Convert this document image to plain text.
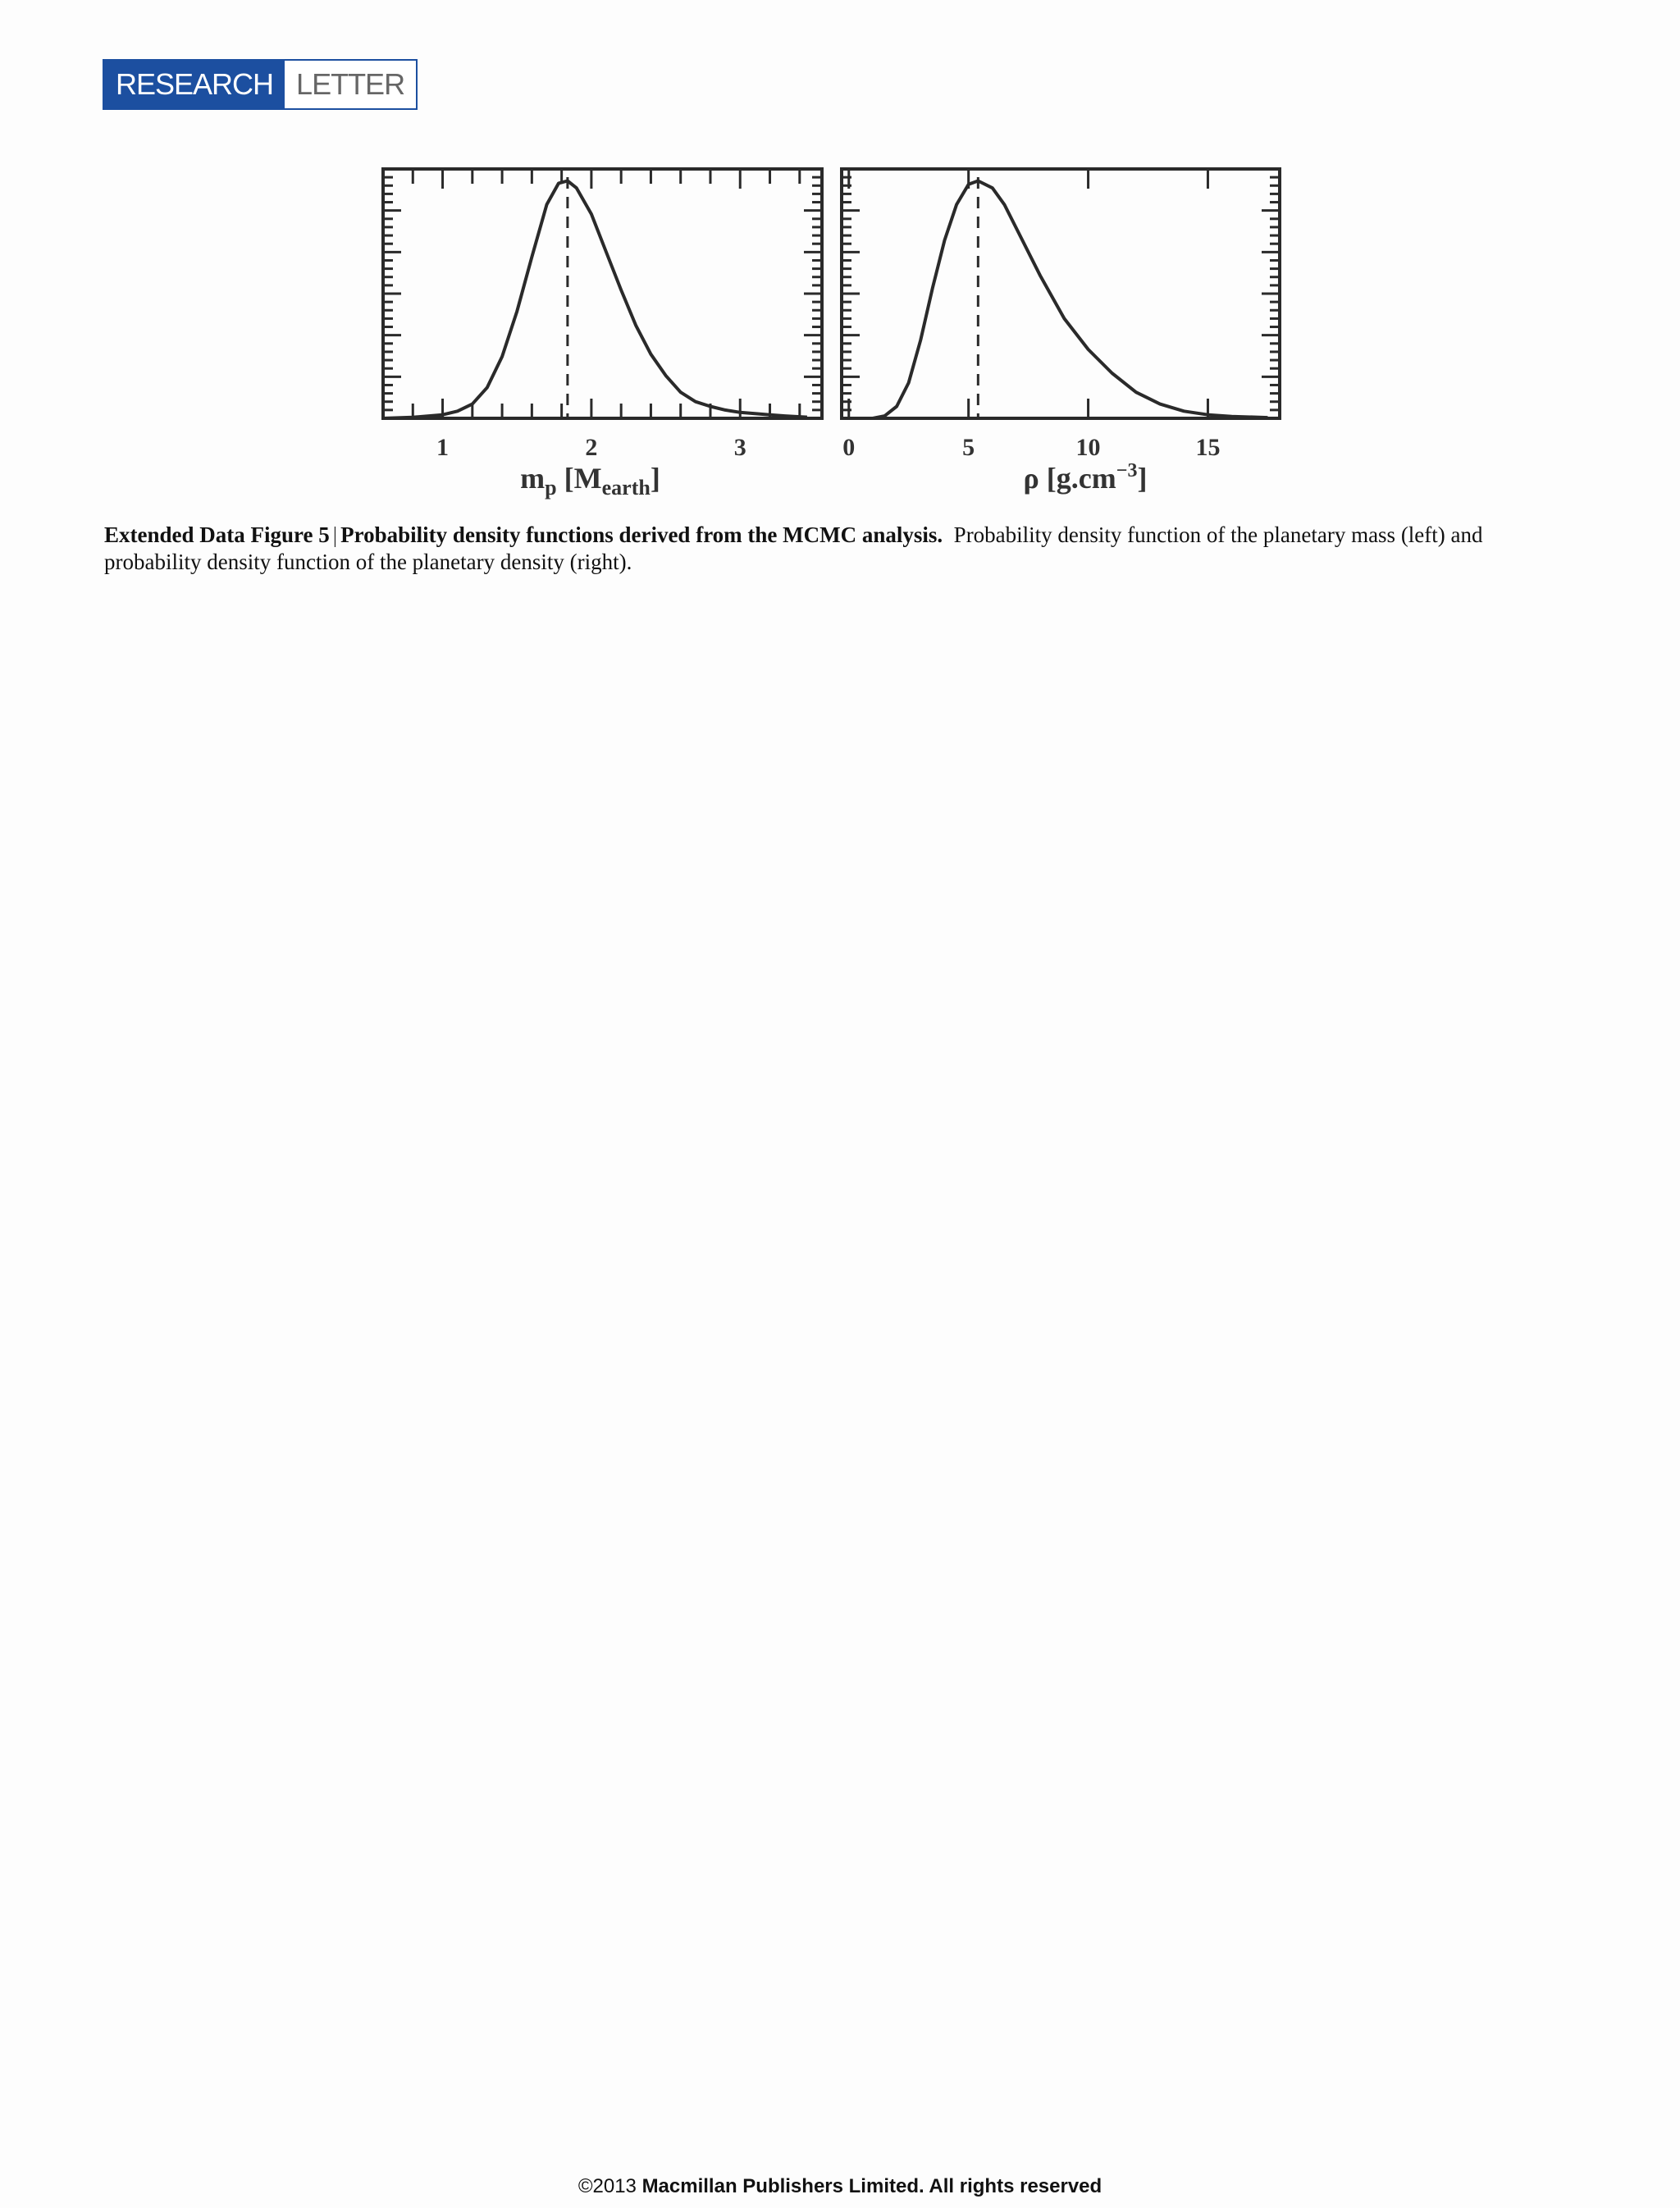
RESEARCH LETTER
1	2	3
mp [Mearth]
0	5	10	15
ρ [g.cm−3]
Extended Data Figure 5 | Probability density functions derived from the MCMC analysis. Probability density function of the planetary mass (left) and probability density function of the planetary density (right).
©2013 Macmillan Publishers Limited. All rights reserved
